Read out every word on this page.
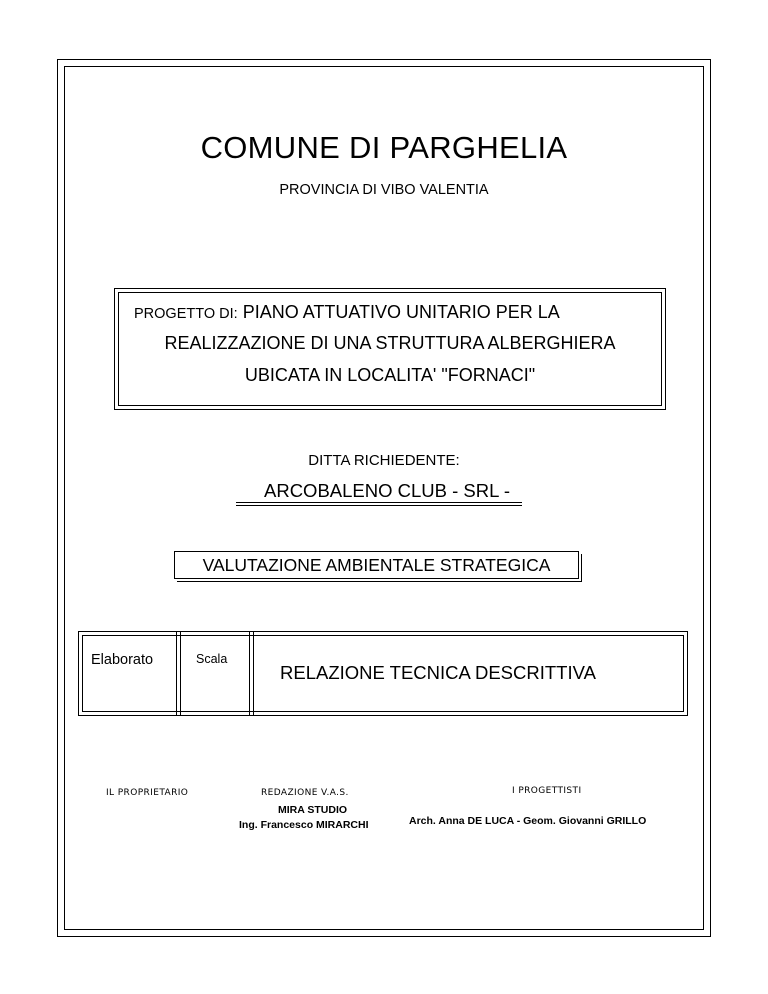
COMUNE DI PARGHELIA
PROVINCIA DI VIBO VALENTIA
PROGETTO DI: PIANO ATTUATIVO UNITARIO PER LA
REALIZZAZIONE DI UNA STRUTTURA ALBERGHIERA
UBICATA IN LOCALITA' "FORNACI"
DITTA RICHIEDENTE:
ARCOBALENO CLUB - SRL -
VALUTAZIONE AMBIENTALE STRATEGICA
Elaborato	Scala
RELAZIONE TECNICA DESCRITTIVA
IL PROPRIETARIO	REDAZIONE V.A.S.	I PROGETTISTI
MIRA STUDIO
Ing. Francesco MIRARCHI	Arch. Anna DE LUCA - Geom. Giovanni GRILLO
